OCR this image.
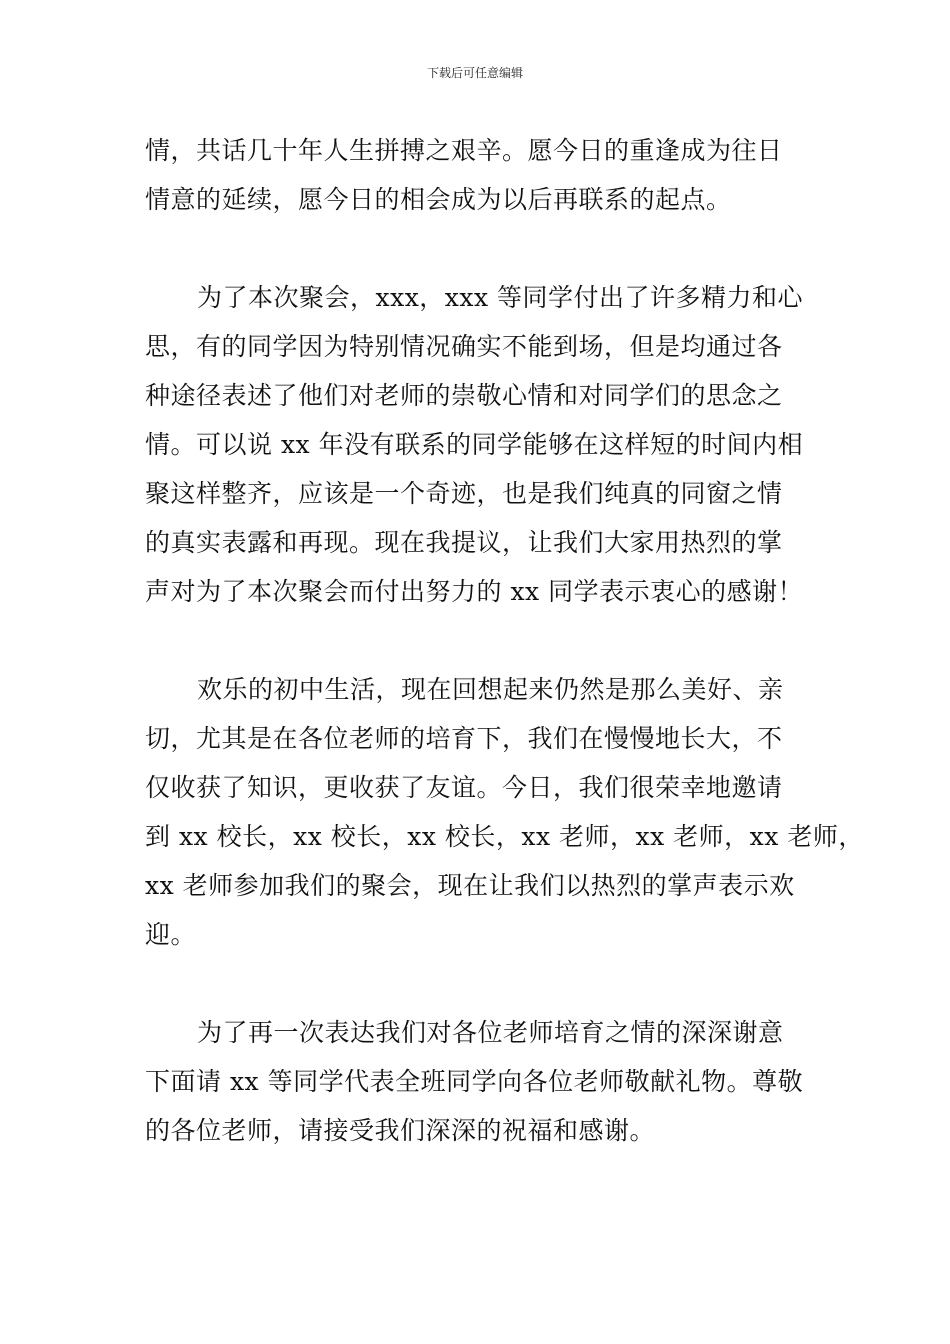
下载后可任意编辑
情，共话几十年人生拼搏之艰辛。愿今日的重逢成为往日
情意的延续，愿今日的相会成为以后再联系的起点。
为了本次聚会，xxx，xxx 等同学付出了许多精力和心
思，有的同学因为特别情况确实不能到场，但是均通过各
种途径表述了他们对老师的崇敬心情和对同学们的思念之
情。可以说 xx 年没有联系的同学能够在这样短的时间内相
聚这样整齐，应该是一个奇迹，也是我们纯真的同窗之情
的真实表露和再现。现在我提议，让我们大家用热烈的掌
声对为了本次聚会而付出努力的 xx 同学表示衷心的感谢！
欢乐的初中生活，现在回想起来仍然是那么美好、亲
切，尤其是在各位老师的培育下，我们在慢慢地长大，不
仅收获了知识，更收获了友谊。今日，我们很荣幸地邀请
到 xx 校长，xx 校长，xx 校长，xx 老师，xx 老师，xx 老师，
xx 老师参加我们的聚会，现在让我们以热烈的掌声表示欢
迎。
为了再一次表达我们对各位老师培育之情的深深谢意
下面请 xx 等同学代表全班同学向各位老师敬献礼物。尊敬
的各位老师，请接受我们深深的祝福和感谢。
